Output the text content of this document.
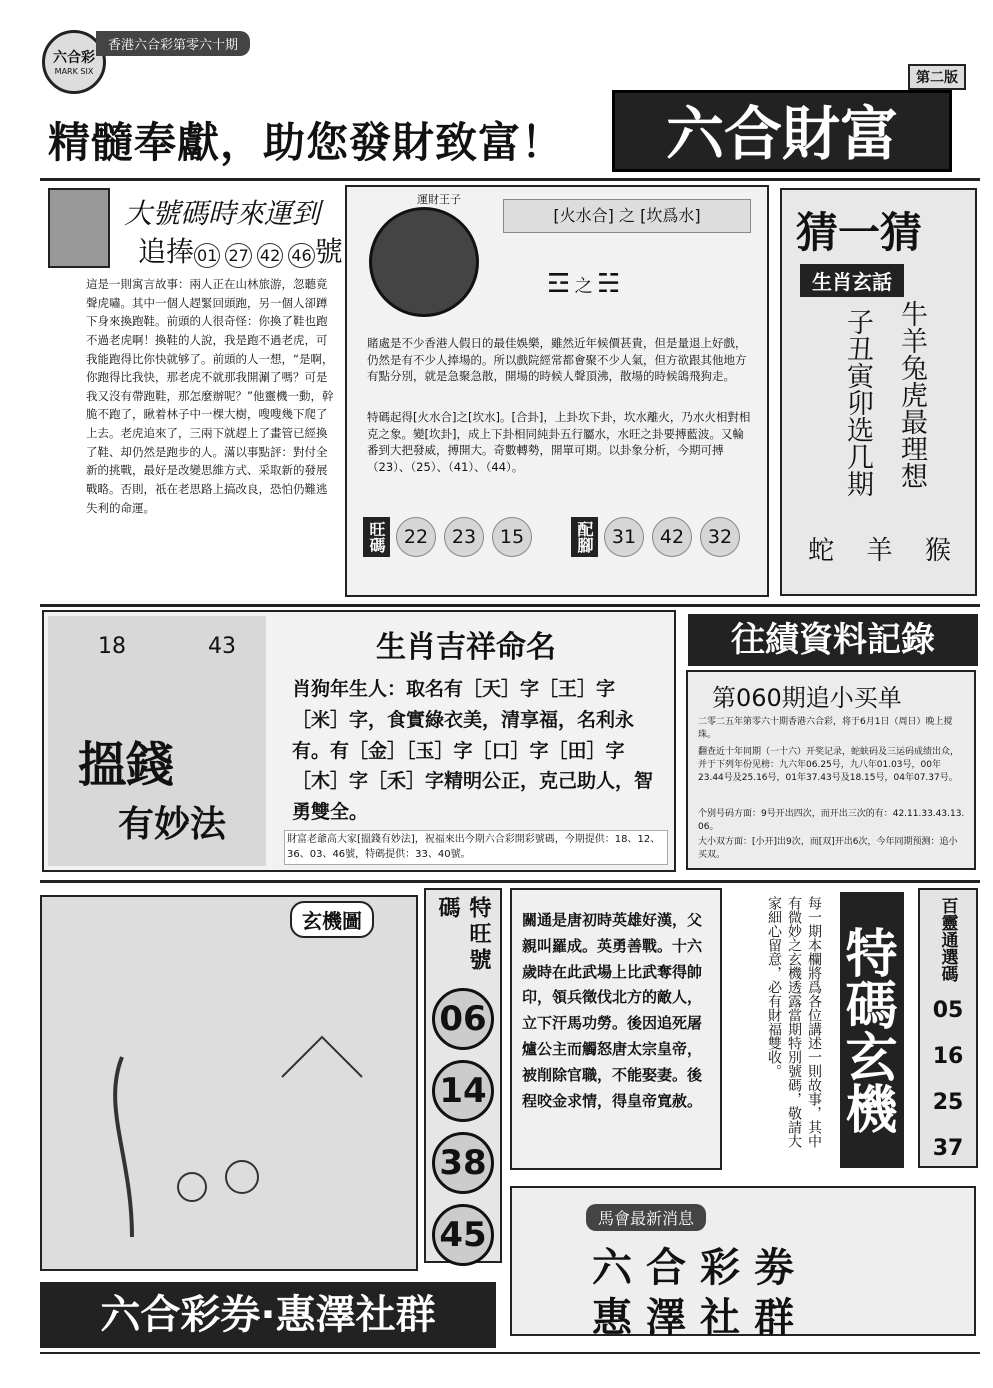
六合彩
MARK SIX
香港六合彩第零六十期
第二版
精髓奉獻，助您發財致富！	六合財富
大號碼時來運到
追捧 01 27 42 46 號

這是一則寓言故事：兩人正在山林旅游，忽聽竟聲虎嘯。其中一個人趕緊回頭跑，另一個人卻蹲下身來換跑鞋。前頭的人很奇怪：你換了鞋也跑不過老虎啊！換鞋的人說，我是跑不過老虎，可我能跑得比你快就够了。前頭的人一想，“是啊，你跑得比我快，那老虎不就那我開涮了嗎？可是我又沒有帶跑鞋，那怎麼辦呢？”他靈機一動，幹脆不跑了，瞅着林子中一棵大樹，嗖嗖幾下爬了上去。老虎追來了，三兩下就趕上了畫管已經換了鞋、却仍然是跑步的人。滿以事點評：對付全新的挑戰，最好是改變思維方式、采取新的發展戰略。否則，祇在老思路上搞改良，恐怕仍難逃失利的命運。

運財王子
[火水合] 之 [坎爲水]
☲ 之 ☵

賭處是不少香港人假日的最佳娛樂，雖然近年候價甚貴，但是量退上好戲，仍然是有不少人捧場的。所以戲院經常都會聚不少人氣，但方欲跟其他地方有點分別，就是急聚急散，開場的時候人聲頂沸，散場的時候鴿飛狗走。

特碼起得[火水合]之[坎水]。[合卦]，上卦坎下卦，坎水離火，乃水火相對相克之象。變[坎卦]，成上下卦相同純卦五行屬水，水旺之卦要搏藍波。又輪番到大把發威，搏開大。奇數轉勢，開單可期。以卦象分析，今期可搏（23）、（25）、（41）、（44）。

旺碼 22	23	15	配腳 31	42	32
猜一猜
生肖玄話
牛羊兔虎最理想
子丑寅卯选几期
蛇 羊 猴
18	43
搵錢
有妙法
生肖吉祥命名

肖狗年生人：取名有［天］字［王］字［米］字，食實綠衣美，清享福，名利永有。有［金］［玉］字［口］字［田］字［木］字［禾］字精明公正，克己助人，智勇雙全。

財富老爺高大家[搵錢有妙法]，祝福來出今期六合彩開彩號碼，今期提供：18、12、36、03、46號，特碼提供：33、40號。

往績資料記錄
第060期追小买单

二零二五年第零六十期香港六合彩，将于6月1日（周日）晚上搅珠。

翻查近十年同期（一十六）开奖记录，蛇蚨码及三运码成绩出众，并于下列年份见榜：九六年06.25号，九八年01.03号，00年23.44号及25.16号，01年37.43号及18.15号，04年07.37号。

个别号码方面：9号开出四次，而开出三次的有：42.11.33.43.13. 06。

大小双方面：[小开]出9次，而[双]开出6次，今年同期预测：追小买双。

玄機圖	特旺號碼
06
14
38
45

關通是唐初時英雄好漢，父親叫羅成。英勇善戰。十六歲時在此武場上比武奪得帥印，領兵徵伐北方的敵人，立下汗馬功勞。後因追死屠爐公主而觸怒唐太宗皇帝，被削除官職，不能娶妻。後程咬金求情，得皇帝寬赦。	每一期本欄將爲各位講述一則故事，其中有微妙之玄機透露當期特別號碼，敬請大家細心留意，必有財福雙收。	特碼玄機	百靈通選碼
05
16
25
37
馬會最新消息
六合彩劵
惠澤社群
六合彩券·惠澤社群
